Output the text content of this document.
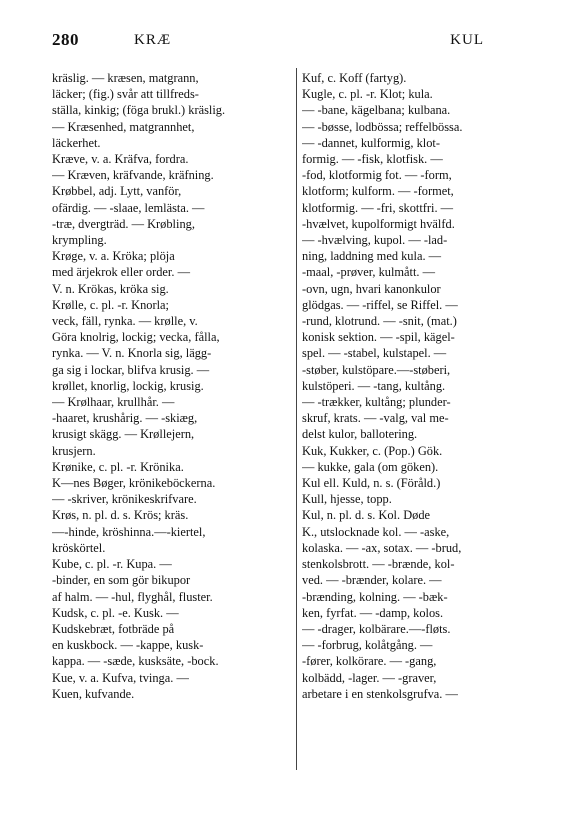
280	KRÆ	KUL
kräslig. — kræsen, matgrann,
läcker; (fig.) svår att tillfreds-
ställa, kinkig; (föga brukl.) kräslig.
— Kræsenhed, matgrannhet,
läckerhet.
Kræve, v. a. Kräfva, fordra.
— Kræven, kräfvande, kräfning.
Krøbbel, adj. Lytt, vanför,
ofärdig. — -slaae, lemlästa. —
-træ, dvergträd. — Krøbling,
krympling.
Krøge, v. a. Kröka; plöja
med ärjekrok eller order. —
V. n. Krökas, kröka sig.
Krølle, c. pl. -r. Knorla;
veck, fäll, rynka. — krølle, v.
Göra knolrig, lockig; vecka, fålla,
rynka. — V. n. Knorla sig, lägg-
ga sig i lockar, blifva krusig. —
krøllet, knorlig, lockig, krusig.
— Krølhaar, krullhår. —
-haaret, krushårig. — -skiæg,
krusigt skägg. — Krøllejern,
krusjern.
Krønike, c. pl. -r. Krönika.
K—nes Bøger, krönikeböckerna.
— -skriver, krönikeskrifvare.
Krøs, n. pl. d. s. Krös; kräs.
—-hinde, kröshinna.—-kiertel,
kröskörtel.
Kube, c. pl. -r. Kupa. —
-binder, en som gör bikupor
af halm. — -hul, flyghål, fluster.
Kudsk, c. pl. -e. Kusk. —
Kudskebræt, fotbräde på
en kuskbock. — -kappe, kusk-
kappa. — -sæde, kusksäte, -bock.
Kue, v. a. Kufva, tvinga. —
Kuen, kufvande.
Kuf, c. Koff (fartyg).
Kugle, c. pl. -r. Klot; kula.
— -bane, kägelbana; kulbana.
— -bøsse, lodbössa; reffelbössa.
— -dannet, kulformig, klot-
formig. — -fisk, klotfisk. —
-fod, klotformig fot. — -form,
klotform; kulform. — -formet,
klotformig. — -fri, skottfri. —
-hvælvet, kupolformigt hvälfd.
— -hvælving, kupol. — -lad-
ning, laddning med kula. —
-maal, -prøver, kulmått. —
-ovn, ugn, hvari kanonkulor
glödgas. — -riffel, se Riffel. —
-rund, klotrund. — -snit, (mat.)
konisk sektion. — -spil, kägel-
spel. — -stabel, kulstapel. —
-støber, kulstöpare.—-støberi,
kulstöperi. — -tang, kultång.
— -trækker, kultång; plunder-
skruf, krats. — -valg, val me-
delst kulor, ballotering.
Kuk, Kukker, c. (Pop.) Gök.
— kukke, gala (om göken).
Kul ell. Kuld, n. s. (Föråld.)
Kull, hjesse, topp.
Kul, n. pl. d. s. Kol. Døde
K., utslocknade kol. — -aske,
kolaska. — -ax, sotax. — -brud,
stenkolsbrott. — -brænde, kol-
ved. — -brænder, kolare. —
-brænding, kolning. — -bæk-
ken, fyrfat. — -damp, kolos.
— -drager, kolbärare.—-fløts.
— -forbrug, kolåtgång. —
-fører, kolkörare. — -gang,
kolbädd, -lager. — -graver,
arbetare i en stenkolsgrufva. —
